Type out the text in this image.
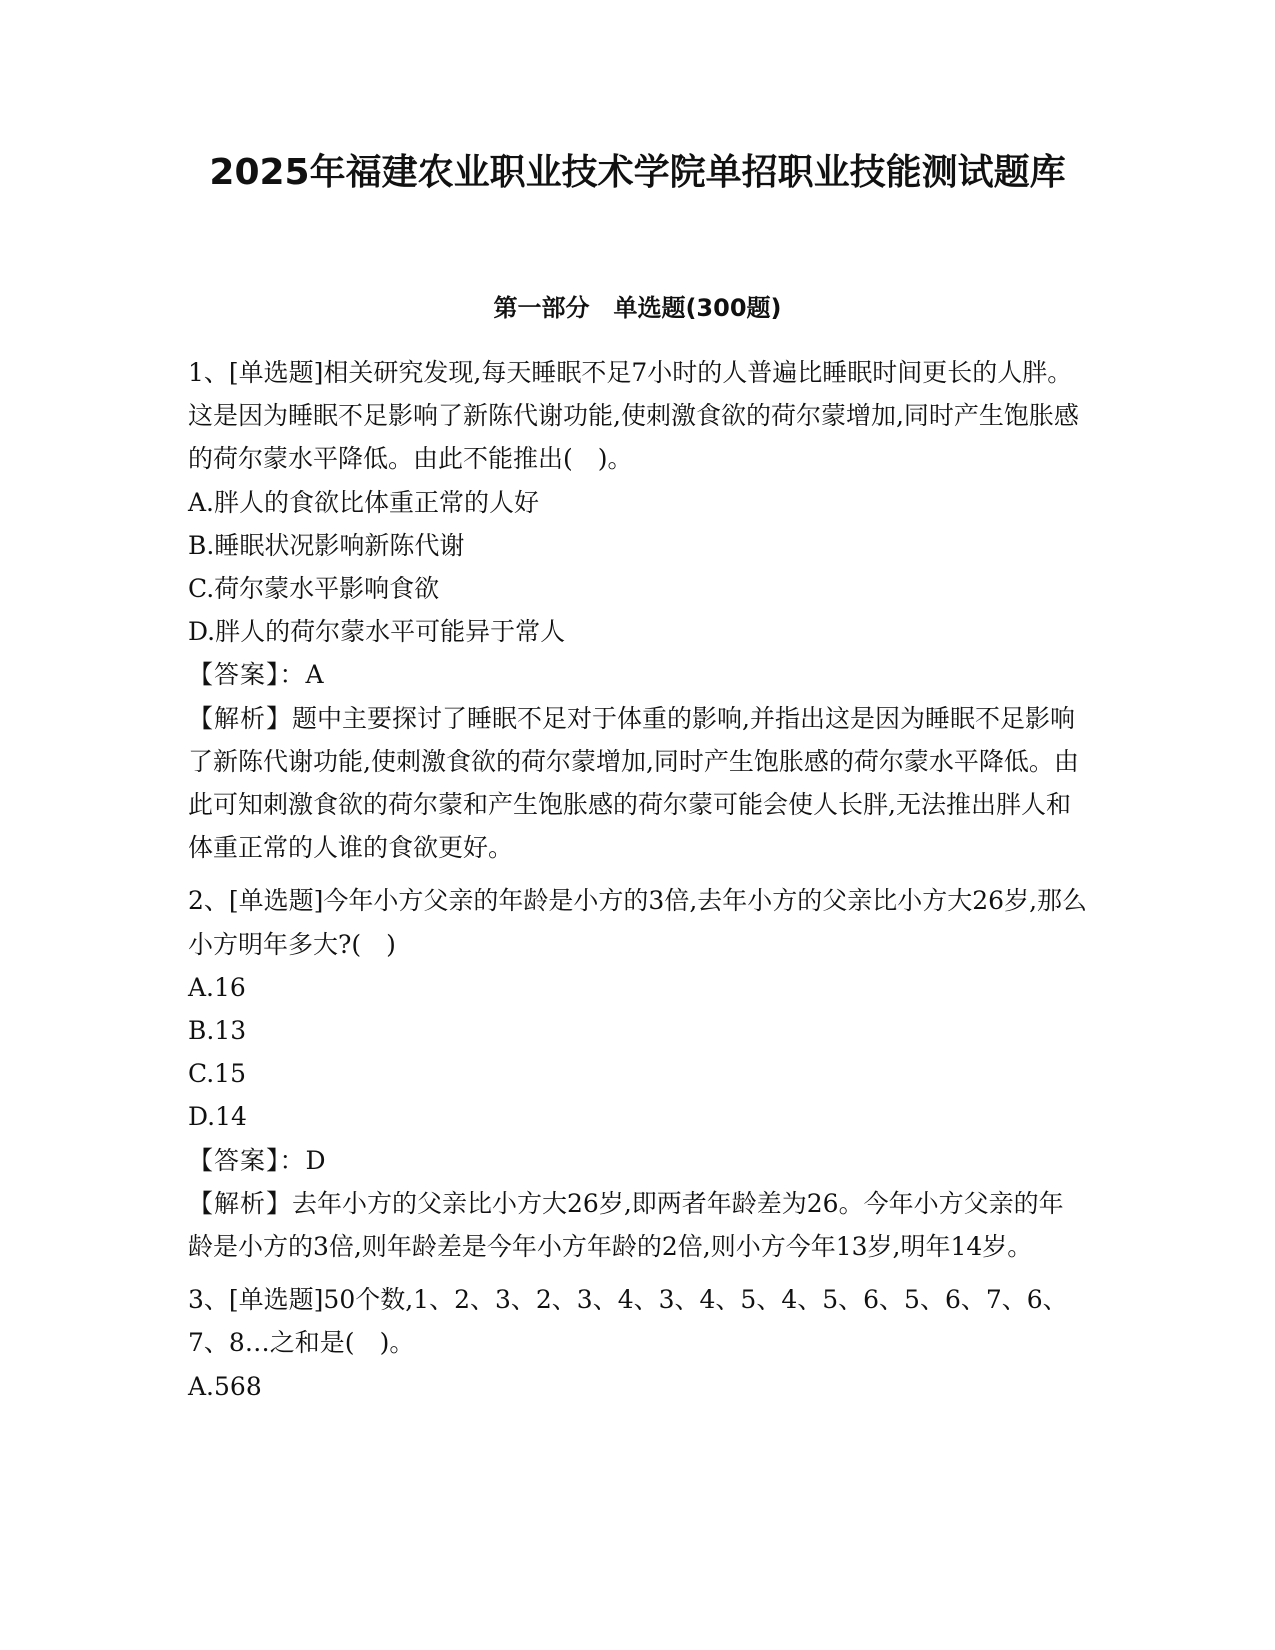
2025年福建农业职业技术学院单招职业技能测试题库
第一部分　单选题(300题)

1、[单选题]相关研究发现,每天睡眠不足7小时的人普遍比睡眠时间更长的人胖。这是因为睡眠不足影响了新陈代谢功能,使刺激食欲的荷尔蒙增加,同时产生饱胀感的荷尔蒙水平降低。由此不能推出(　)。

A.胖人的食欲比体重正常的人好

B.睡眠状况影响新陈代谢

C.荷尔蒙水平影响食欲

D.胖人的荷尔蒙水平可能异于常人

【答案】：A

【解析】题中主要探讨了睡眠不足对于体重的影响,并指出这是因为睡眠不足影响了新陈代谢功能,使刺激食欲的荷尔蒙增加,同时产生饱胀感的荷尔蒙水平降低。由此可知刺激食欲的荷尔蒙和产生饱胀感的荷尔蒙可能会使人长胖,无法推出胖人和体重正常的人谁的食欲更好。

2、[单选题]今年小方父亲的年龄是小方的3倍,去年小方的父亲比小方大26岁,那么小方明年多大?(　)

A.16

B.13

C.15

D.14

【答案】：D

【解析】去年小方的父亲比小方大26岁,即两者年龄差为26。今年小方父亲的年龄是小方的3倍,则年龄差是今年小方年龄的2倍,则小方今年13岁,明年14岁。

3、[单选题]50个数,1、2、3、2、3、4、3、4、5、4、5、6、5、6、7、6、7、8…之和是(　)。

A.568
